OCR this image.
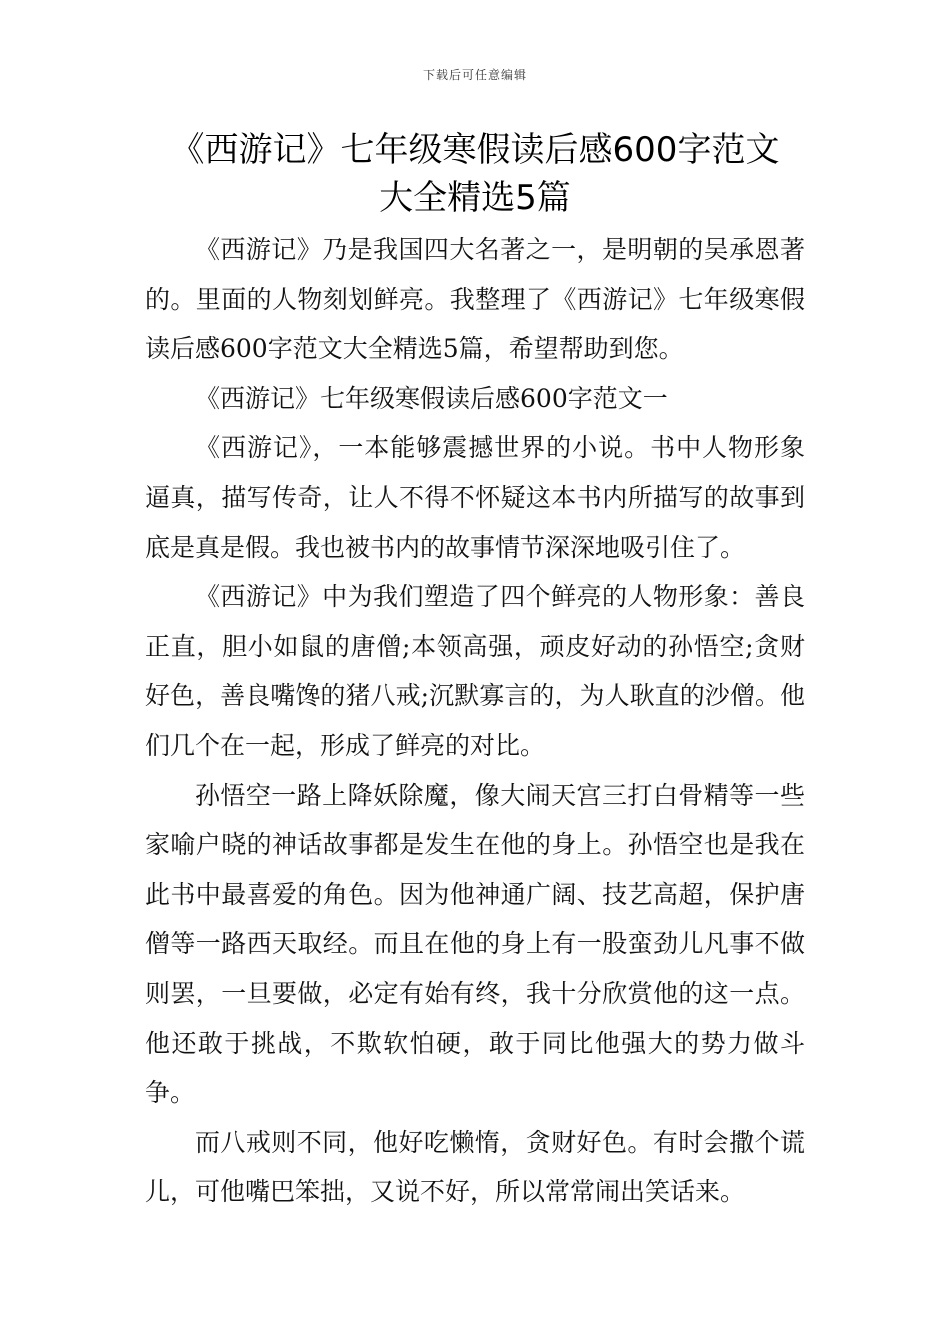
下载后可任意编辑
《西游记》七年级寒假读后感600字范文
大全精选5篇

《西游记》乃是我国四大名著之一，是明朝的吴承恩著的。里面的人物刻划鲜亮。我整理了《西游记》七年级寒假读后感600字范文大全精选5篇，希望帮助到您。

《西游记》七年级寒假读后感600字范文一

《西游记》，一本能够震撼世界的小说。书中人物形象逼真，描写传奇，让人不得不怀疑这本书内所描写的故事到底是真是假。我也被书内的故事情节深深地吸引住了。

《西游记》中为我们塑造了四个鲜亮的人物形象：善良正直，胆小如鼠的唐僧;本领高强，顽皮好动的孙悟空;贪财好色，善良嘴馋的猪八戒;沉默寡言的，为人耿直的沙僧。他们几个在一起，形成了鲜亮的对比。

孙悟空一路上降妖除魔，像大闹天宫三打白骨精等一些家喻户晓的神话故事都是发生在他的身上。孙悟空也是我在此书中最喜爱的角色。因为他神通广阔、技艺高超，保护唐僧等一路西天取经。而且在他的身上有一股蛮劲儿凡事不做则罢，一旦要做，必定有始有终，我十分欣赏他的这一点。他还敢于挑战，不欺软怕硬，敢于同比他强大的势力做斗争。

而八戒则不同，他好吃懒惰，贪财好色。有时会撒个谎儿，可他嘴巴笨拙，又说不好，所以常常闹出笑话来。
